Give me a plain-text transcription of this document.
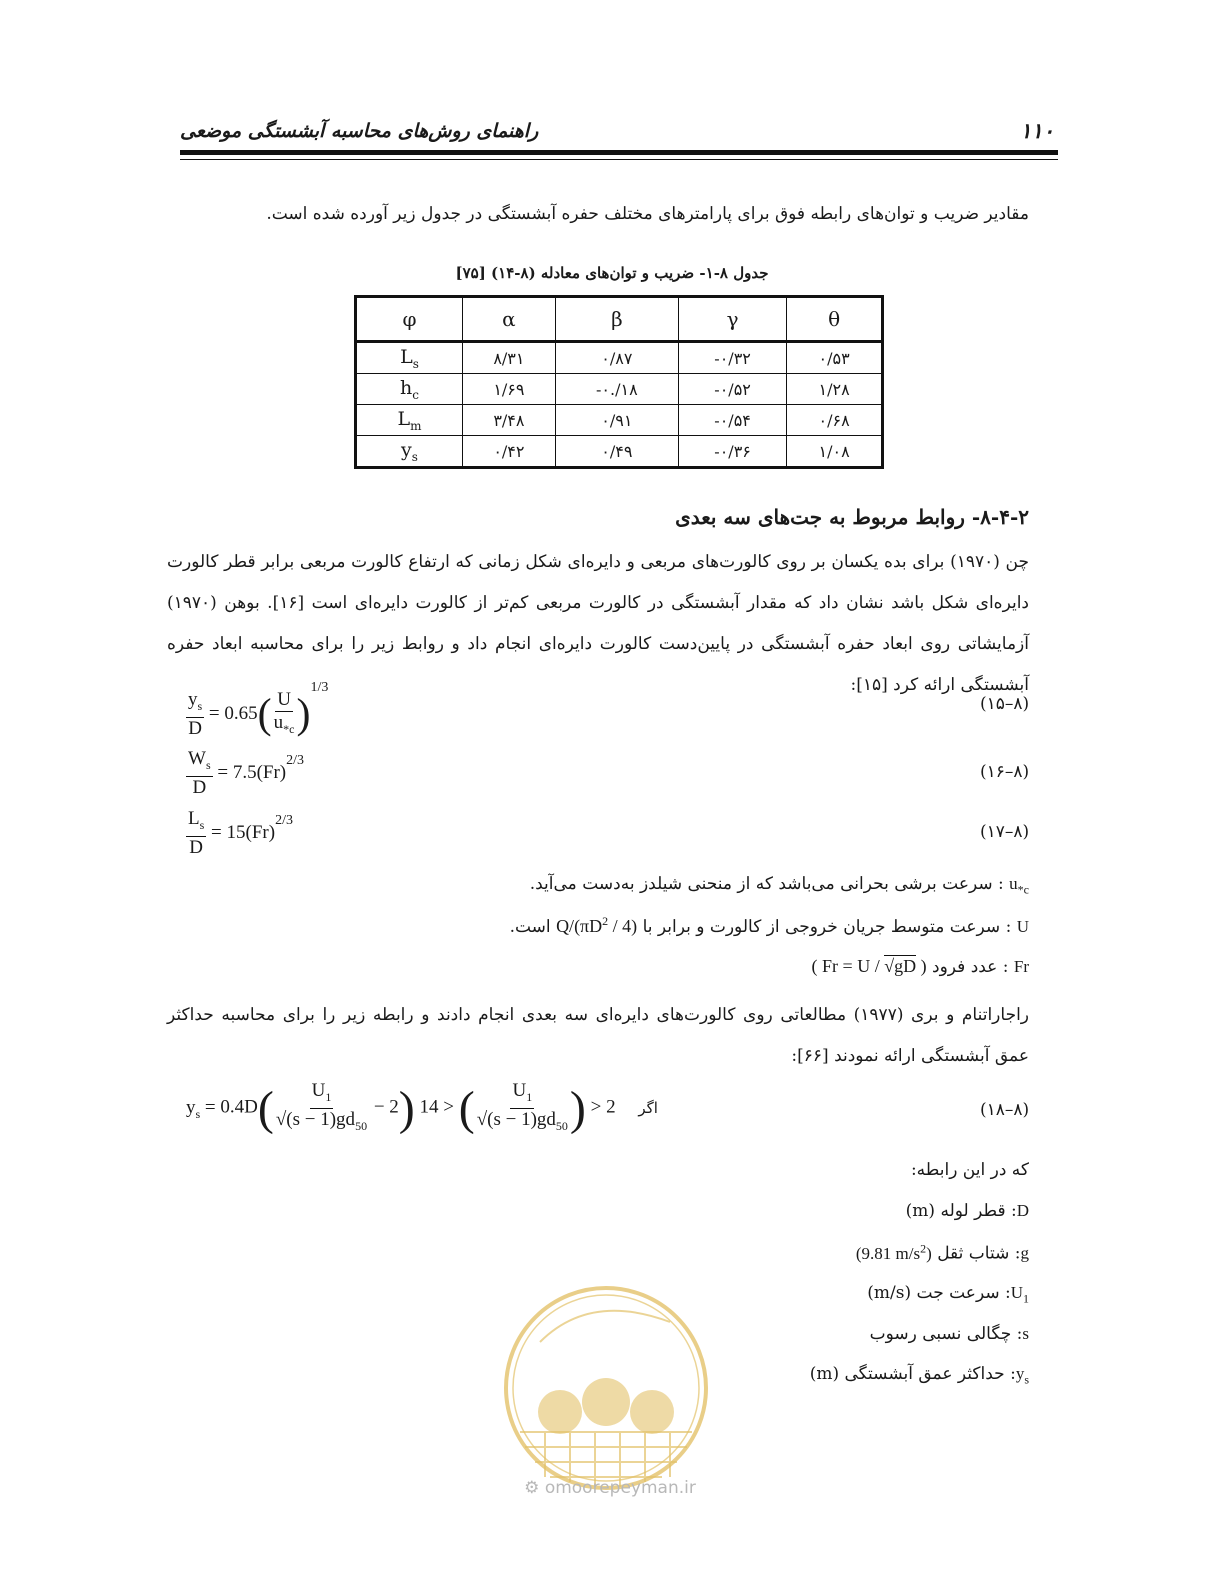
راهنمای روش‌های محاسبه آبشستگی موضعی	۱۱۰
مقادیر ضریب و توان‌های رابطه فوق برای پارامترهای مختلف حفره آبشستگی در جدول زیر آورده شده است.
جدول ۸-۱- ضریب و توان‌های معادله (۸-۱۴) [۷۵]
φ	α	β	γ	θ
$L_s$	۸/۳۱	۰/۸۷	-۰/۳۲	۰/۵۳
$h_c$	۱/۶۹	-۰./۱۸	-۰/۵۲	۱/۲۸
$L_m$	۳/۴۸	۰/۹۱	-۰/۵۴	۰/۶۸
$y_s$	۰/۴۲	۰/۴۹	-۰/۳۶	۱/۰۸
۸-۴-۲- روابط مربوط به جت‌های سه بعدی
چن (۱۹۷۰) برای بده یکسان بر روی کالورت‌های مربعی و دایره‌ای شکل زمانی که ارتفاع کالورت مربعی برابر قطر کالورت دایره‌ای شکل باشد نشان داد که مقدار آبشستگی در کالورت مربعی کم‌تر از کالورت دایره‌ای است [۱۶]. بوهن (۱۹۷۰) آزمایشاتی روی ابعاد حفره آبشستگی در پایین‌دست کالورت دایره‌ای انجام داد و روابط زیر را برای محاسبه ابعاد حفره آبشستگی ارائه کرد [۱۵]:
$\frac{y_s}{D} = 0.65( \frac{U}{u_{*c}} )^{1/3}$
(۱۵–۸)
$\frac{W_s}{D} = 7.5(Fr)^{2/3}$
(۱۶–۸)
$\frac{L_s}{D} = 15(Fr)^{2/3}$
(۱۷–۸)
$u_{*c}$ : سرعت برشی بحرانی می‌باشد که از منحنی شیلدز به‌دست می‌آید.
U : سرعت متوسط جریان خروجی از کالورت و برابر با $Q/(\pi D^2 / 4)$ است.
Fr : عدد فرود ( Fr = U / √gD )
راجاراتنام و بری (۱۹۷۷) مطالعاتی روی کالورت‌های دایره‌ای سه بعدی انجام دادند و رابطه زیر را برای محاسبه حداکثر عمق آبشستگی ارائه نمودند [۶۶]:
$y_s = 0.4D( \frac{U_1}{√(s - 1)gd_{50}} - 2)$	اگر 2 < (
$\frac{U_1}{√(s - 1)gd_{50}}$
) < 14	(۱۸–۸)
که در این رابطه:
D: قطر لوله (m)
g: شتاب ثقل (9.81 $m/s^2$)
$U_1$: سرعت جت (m/s)
s: چگالی نسبی رسوب
$y_s$: حداکثر عمق آبشستگی (m)
⚙ omoorepeyman.ir
